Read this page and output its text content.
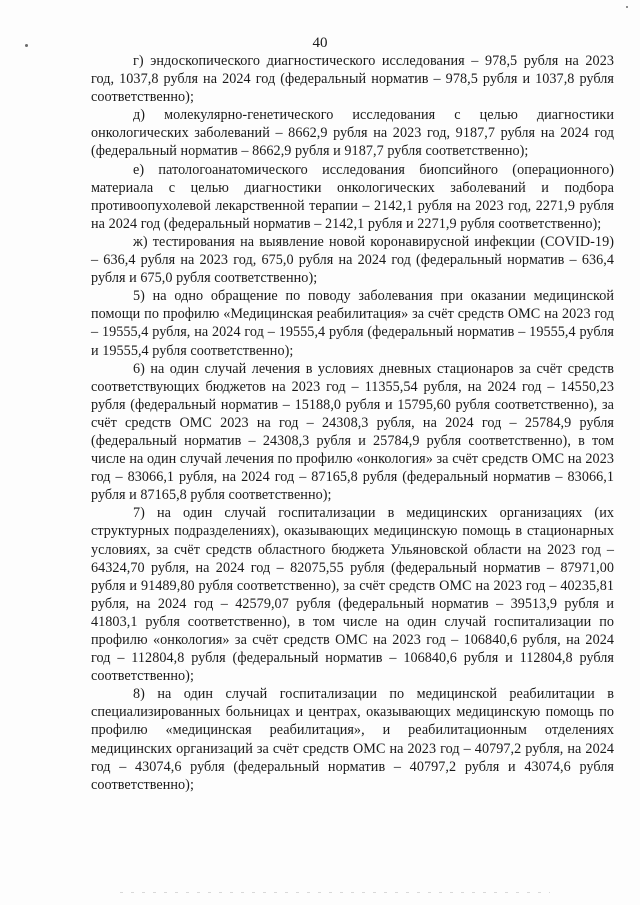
40

г) эндоскопического диагностического исследования – 978,5 рубля на 2023 год, 1037,8 рубля на 2024 год (федеральный норматив – 978,5 рубля и 1037,8 рубля соответственно);

д) молекулярно-генетического исследования с целью диагностики онкологических заболеваний – 8662,9 рубля на 2023 год, 9187,7 рубля на 2024 год (федеральный норматив – 8662,9 рубля и 9187,7 рубля соответственно);

е) патологоанатомического исследования биопсийного (операционного) материала с целью диагностики онкологических заболеваний и подбора противоопухолевой лекарственной терапии – 2142,1 рубля на 2023 год, 2271,9 рубля на 2024 год (федеральный норматив – 2142,1 рубля и 2271,9 рубля соответственно);

ж) тестирования на выявление новой коронавирусной инфекции (COVID-19) – 636,4 рубля на 2023 год, 675,0 рубля на 2024 год (федеральный норматив – 636,4 рубля и 675,0 рубля соответственно);

5) на одно обращение по поводу заболевания при оказании медицинской помощи по профилю «Медицинская реабилитация» за счёт средств ОМС на 2023 год – 19555,4 рубля, на 2024 год – 19555,4 рубля (федеральный норматив – 19555,4 рубля и 19555,4 рубля соответственно);

6) на один случай лечения в условиях дневных стационаров за счёт средств соответствующих бюджетов на 2023 год – 11355,54 рубля, на 2024 год – 14550,23 рубля (федеральный норматив – 15188,0 рубля и 15795,60 рубля соответственно), за счёт средств ОМС 2023 на год – 24308,3 рубля, на 2024 год – 25784,9 рубля (федеральный норматив – 24308,3 рубля и 25784,9 рубля соответственно), в том числе на один случай лечения по профилю «онкология» за счёт средств ОМС на 2023 год – 83066,1 рубля, на 2024 год – 87165,8 рубля (федеральный норматив – 83066,1 рубля и 87165,8 рубля соответственно);

7) на один случай госпитализации в медицинских организациях (их структурных подразделениях), оказывающих медицинскую помощь в стационарных условиях, за счёт средств областного бюджета Ульяновской области на 2023 год – 64324,70 рубля, на 2024 год – 82075,55 рубля (федеральный норматив – 87971,00 рубля и 91489,80 рубля соответственно), за счёт средств ОМС на 2023 год – 40235,81 рубля, на 2024 год – 42579,07 рубля (федеральный норматив – 39513,9 рубля и 41803,1 рубля соответственно), в том числе на один случай госпитализации по профилю «онкология» за счёт средств ОМС на 2023 год – 106840,6 рубля, на 2024 год – 112804,8 рубля (федеральный норматив – 106840,6 рубля и 112804,8 рубля соответственно);

8) на один случай госпитализации по медицинской реабилитации в специализированных больницах и центрах, оказывающих медицинскую помощь по профилю «медицинская реабилитация», и реабилитационным отделениях медицинских организаций за счёт средств ОМС на 2023 год – 40797,2 рубля, на 2024 год – 43074,6 рубля (федеральный норматив – 40797,2 рубля и 43074,6 рубля соответственно);
